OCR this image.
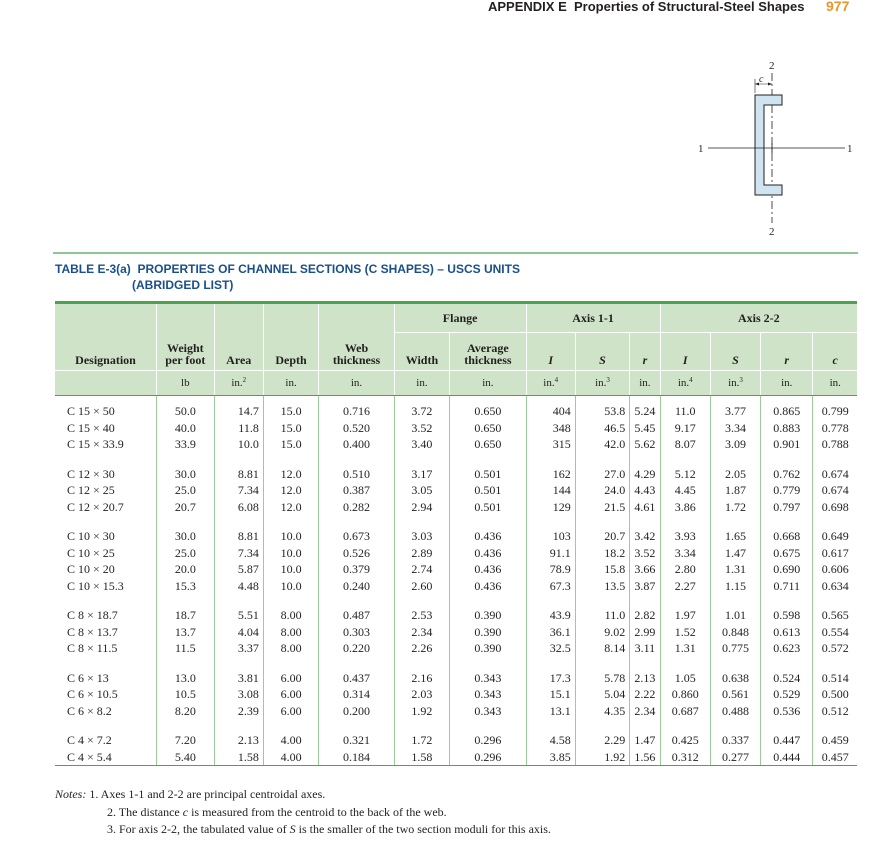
APPENDIX E Properties of Structural-Steel Shapes 977
c
2
2
1	1
TABLE E-3(a) PROPERTIES OF CHANNEL SECTIONS (C SHAPES) – USCS UNITS
(ABRIDGED LIST)
Designation	Weight per foot	Area	Depth	Web thickness	Flange		Axis 1-1			Axis 2-2			
					Width	Average thickness	I	S	r	I	S	r	c
	lb	in.$^2$	in.	in.	in.	in.	in.$^4$	in.$^3$	in.	in.$^4$	in.$^3$	in.	in.

C 15 × 50	50.0	14.7	15.0	0.716	3.72	0.650	404	53.8	5.24	11.0	3.77	0.865	0.799
C 15 × 40	40.0	11.8	15.0	0.520	3.52	0.650	348	46.5	5.45	9.17	3.34	0.883	0.778
C 15 × 33.9	33.9	10.0	15.0	0.400	3.40	0.650	315	42.0	5.62	8.07	3.09	0.901	0.788

C 12 × 30	30.0	8.81	12.0	0.510	3.17	0.501	162	27.0	4.29	5.12	2.05	0.762	0.674
C 12 × 25	25.0	7.34	12.0	0.387	3.05	0.501	144	24.0	4.43	4.45	1.87	0.779	0.674
C 12 × 20.7	20.7	6.08	12.0	0.282	2.94	0.501	129	21.5	4.61	3.86	1.72	0.797	0.698

C 10 × 30	30.0	8.81	10.0	0.673	3.03	0.436	103	20.7	3.42	3.93	1.65	0.668	0.649
C 10 × 25	25.0	7.34	10.0	0.526	2.89	0.436	91.1	18.2	3.52	3.34	1.47	0.675	0.617
C 10 × 20	20.0	5.87	10.0	0.379	2.74	0.436	78.9	15.8	3.66	2.80	1.31	0.690	0.606
C 10 × 15.3	15.3	4.48	10.0	0.240	2.60	0.436	67.3	13.5	3.87	2.27	1.15	0.711	0.634

C 8 × 18.7	18.7	5.51	8.00	0.487	2.53	0.390	43.9	11.0	2.82	1.97	1.01	0.598	0.565
C 8 × 13.7	13.7	4.04	8.00	0.303	2.34	0.390	36.1	9.02	2.99	1.52	0.848	0.613	0.554
C 8 × 11.5	11.5	3.37	8.00	0.220	2.26	0.390	32.5	8.14	3.11	1.31	0.775	0.623	0.572

C 6 × 13	13.0	3.81	6.00	0.437	2.16	0.343	17.3	5.78	2.13	1.05	0.638	0.524	0.514
C 6 × 10.5	10.5	3.08	6.00	0.314	2.03	0.343	15.1	5.04	2.22	0.860	0.561	0.529	0.500
C 6 × 8.2	8.20	2.39	6.00	0.200	1.92	0.343	13.1	4.35	2.34	0.687	0.488	0.536	0.512

C 4 × 7.2	7.20	2.13	4.00	0.321	1.72	0.296	4.58	2.29	1.47	0.425	0.337	0.447	0.459
C 4 × 5.4	5.40	1.58	4.00	0.184	1.58	0.296	3.85	1.92	1.56	0.312	0.277	0.444	0.457
Notes: 1. Axes 1-1 and 2-2 are principal centroidal axes.
2. The distance c is measured from the centroid to the back of the web.
3. For axis 2-2, the tabulated value of S is the smaller of the two section moduli for this axis.
